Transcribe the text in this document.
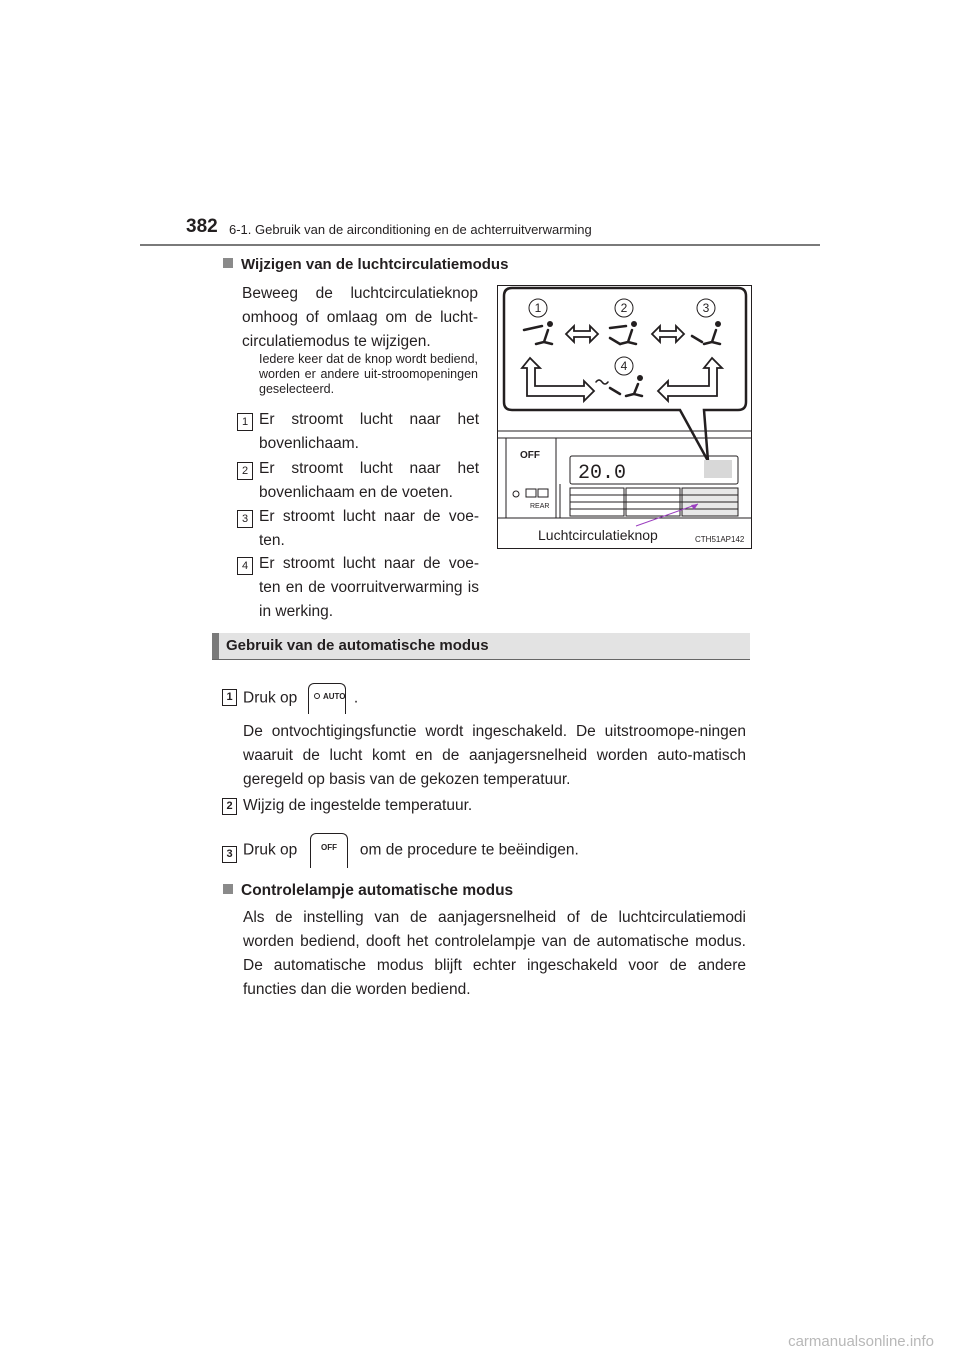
382 6-1. Gebruik van de airconditioning en de achterruitverwarming
Wijzigen van de luchtcirculatiemodus
Beweeg de luchtcirculatieknop omhoog of omlaag om de lucht-circulatiemodus te wijzigen.
Iedere keer dat de knop wordt bediend, worden er andere uit-stroomopeningen geselecteerd.
1 Er stroomt lucht naar het bovenlichaam.
2 Er stroomt lucht naar het bovenlichaam en de voeten.
3 Er stroomt lucht naar de voe-ten.
4 Er stroomt lucht naar de voe-ten en de voorruitverwarming is in werking.
1	2	3
4
OFF
REAR
20.0
Luchtcirculatieknop	CTH51AP142
Gebruik van de automatische modus
1 Druk op	AUTO .
De ontvochtigingsfunctie wordt ingeschakeld. De uitstroomope-ningen waaruit de lucht komt en de aanjagersnelheid worden auto-matisch geregeld op basis van de gekozen temperatuur.
2 Wijzig de ingestelde temperatuur.
3 Druk op	OFF om de procedure te beëindigen.
Controlelampje automatische modus
Als de instelling van de aanjagersnelheid of de luchtcirculatiemodi worden bediend, dooft het controlelampje van de automatische modus. De automatische modus blijft echter ingeschakeld voor de andere functies dan die worden bediend.
carmanualsonline.info
